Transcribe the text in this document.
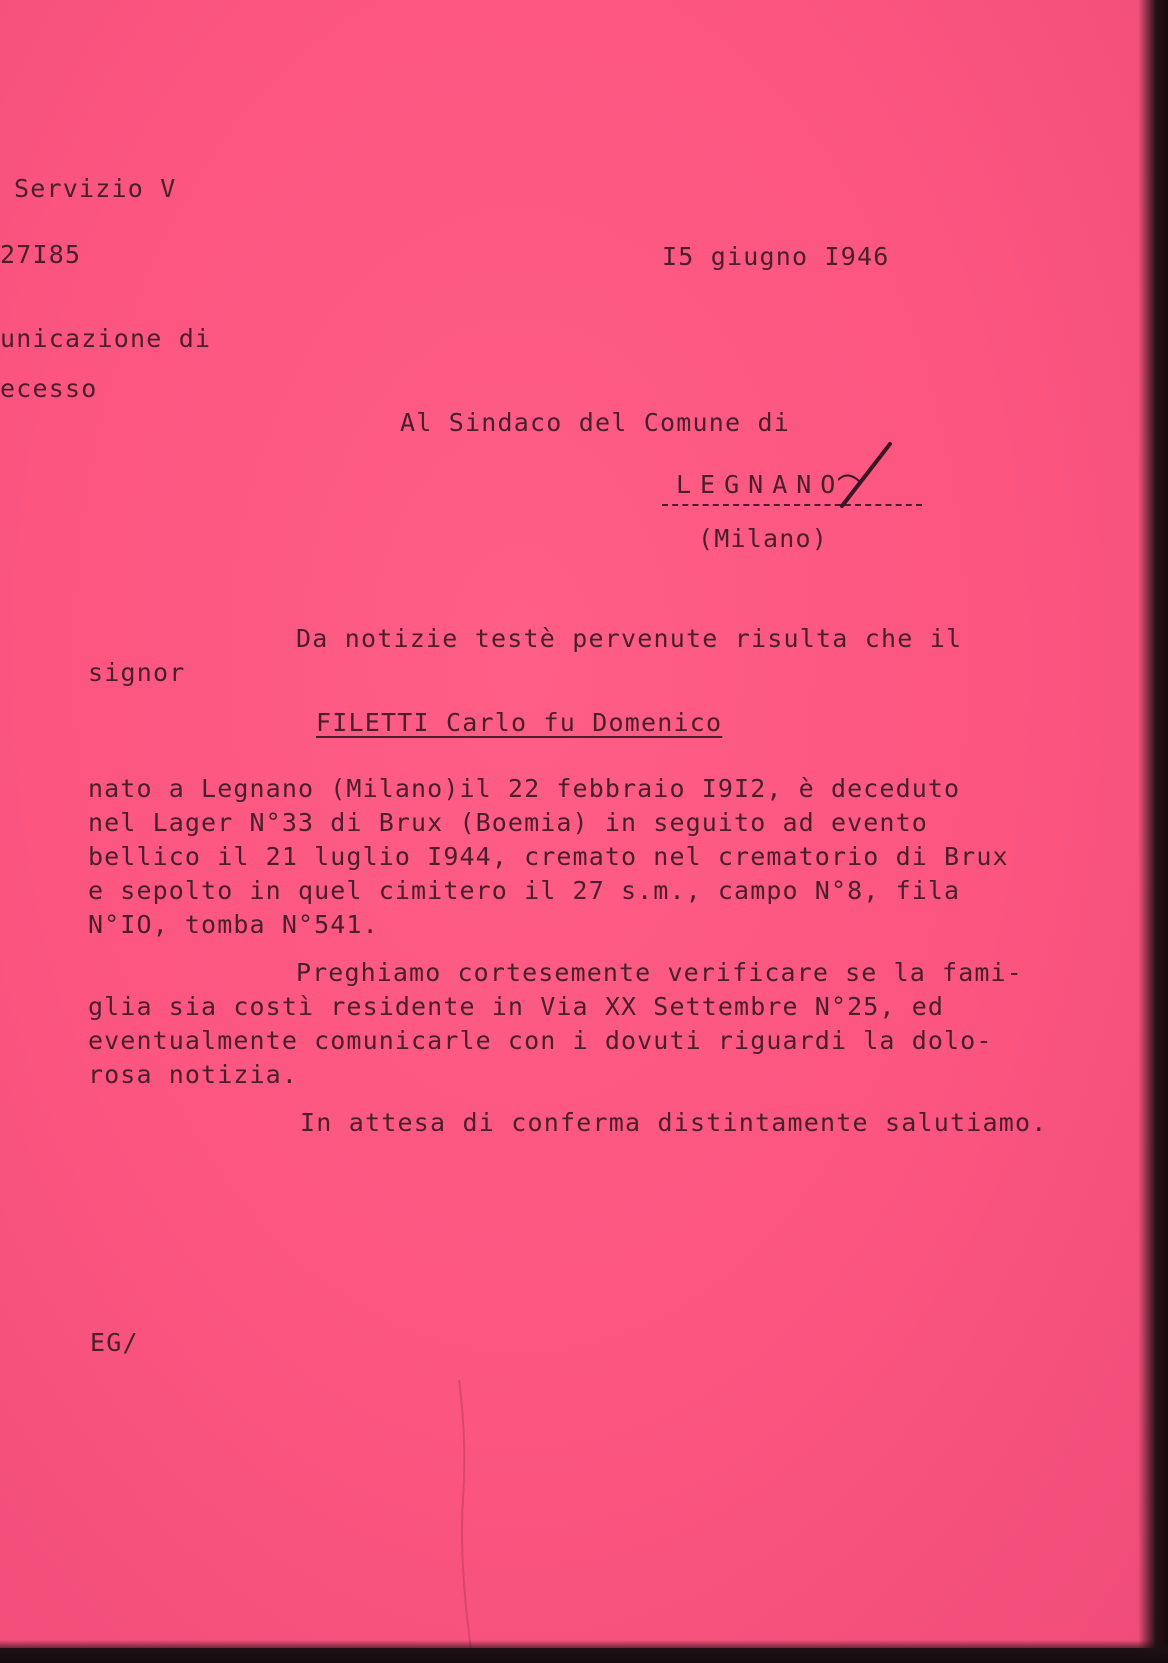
Servizio V
27I85	I5 giugno I946
unicazione di
ecesso
Al Sindaco del Comune di
LEGNANO
(Milano)
Da notizie testè pervenute risulta che il
signor
FILETTI Carlo fu Domenico
nato a Legnano (Milano)il 22 febbraio I9I2, è deceduto
nel Lager N°33 di Brux (Boemia) in seguito ad evento
bellico il 21 luglio I944, cremato nel crematorio di Brux
e sepolto in quel cimitero il 27 s.m., campo N°8, fila
N°IO, tomba N°541.
Preghiamo cortesemente verificare se la fami-
glia sia costì residente in Via XX Settembre N°25, ed
eventualmente comunicarle con i dovuti riguardi la dolo-
rosa notizia.
In attesa di conferma distintamente salutiamo.
EG/
